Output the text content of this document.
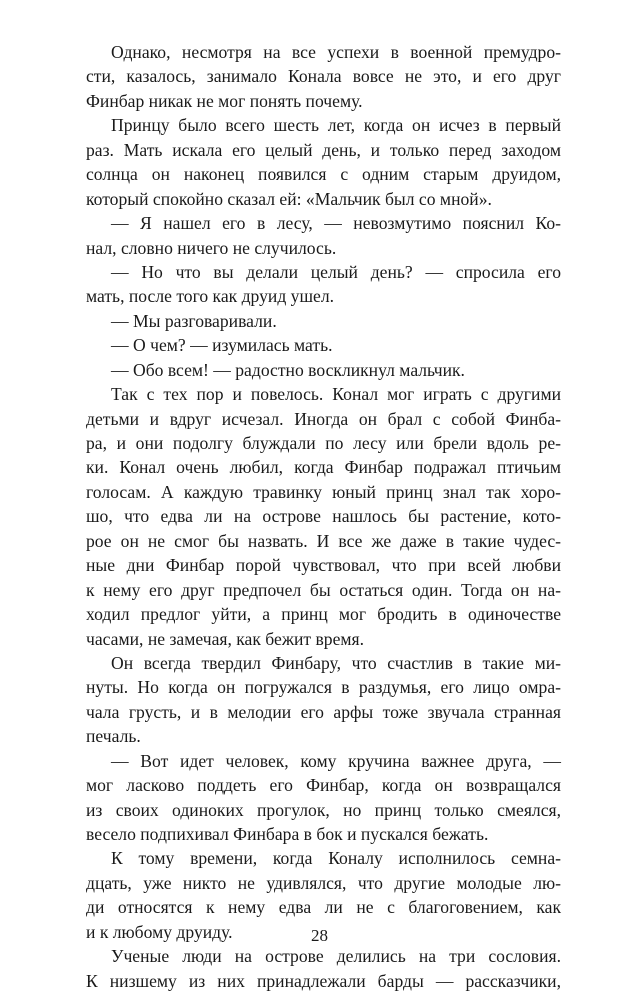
Однако, несмотря на все успехи в военной премудро-
сти, казалось, занимало Конала вовсе не это, и его друг
Финбар никак не мог понять почему.
Принцу было всего шесть лет, когда он исчез в первый
раз. Мать искала его целый день, и только перед заходом
солнца он наконец появился с одним старым друидом,
который спокойно сказал ей: «Мальчик был со мной».
— Я нашел его в лесу, — невозмутимо пояснил Ко-
нал, словно ничего не случилось.
— Но что вы делали целый день? — спросила его
мать, после того как друид ушел.
— Мы разговаривали.
— О чем? — изумилась мать.
— Обо всем! — радостно воскликнул мальчик.
Так с тех пор и повелось. Конал мог играть с другими
детьми и вдруг исчезал. Иногда он брал с собой Финба-
ра, и они подолгу блуждали по лесу или брели вдоль ре-
ки. Конал очень любил, когда Финбар подражал птичьим
голосам. А каждую травинку юный принц знал так хоро-
шо, что едва ли на острове нашлось бы растение, кото-
рое он не смог бы назвать. И все же даже в такие чудес-
ные дни Финбар порой чувствовал, что при всей любви
к нему его друг предпочел бы остаться один. Тогда он на-
ходил предлог уйти, а принц мог бродить в одиночестве
часами, не замечая, как бежит время.
Он всегда твердил Финбару, что счастлив в такие ми-
нуты. Но когда он погружался в раздумья, его лицо омра-
чала грусть, и в мелодии его арфы тоже звучала странная
печаль.
— Вот идет человек, кому кручина важнее друга, —
мог ласково поддеть его Финбар, когда он возвращался
из своих одиноких прогулок, но принц только смеялся,
весело подпихивал Финбара в бок и пускался бежать.
К тому времени, когда Коналу исполнилось семна-
дцать, уже никто не удивлялся, что другие молодые лю-
ди относятся к нему едва ли не с благоговением, как
и к любому друиду.
Ученые люди на острове делились на три сословия.
К низшему из них принадлежали барды — рассказчики,
28
